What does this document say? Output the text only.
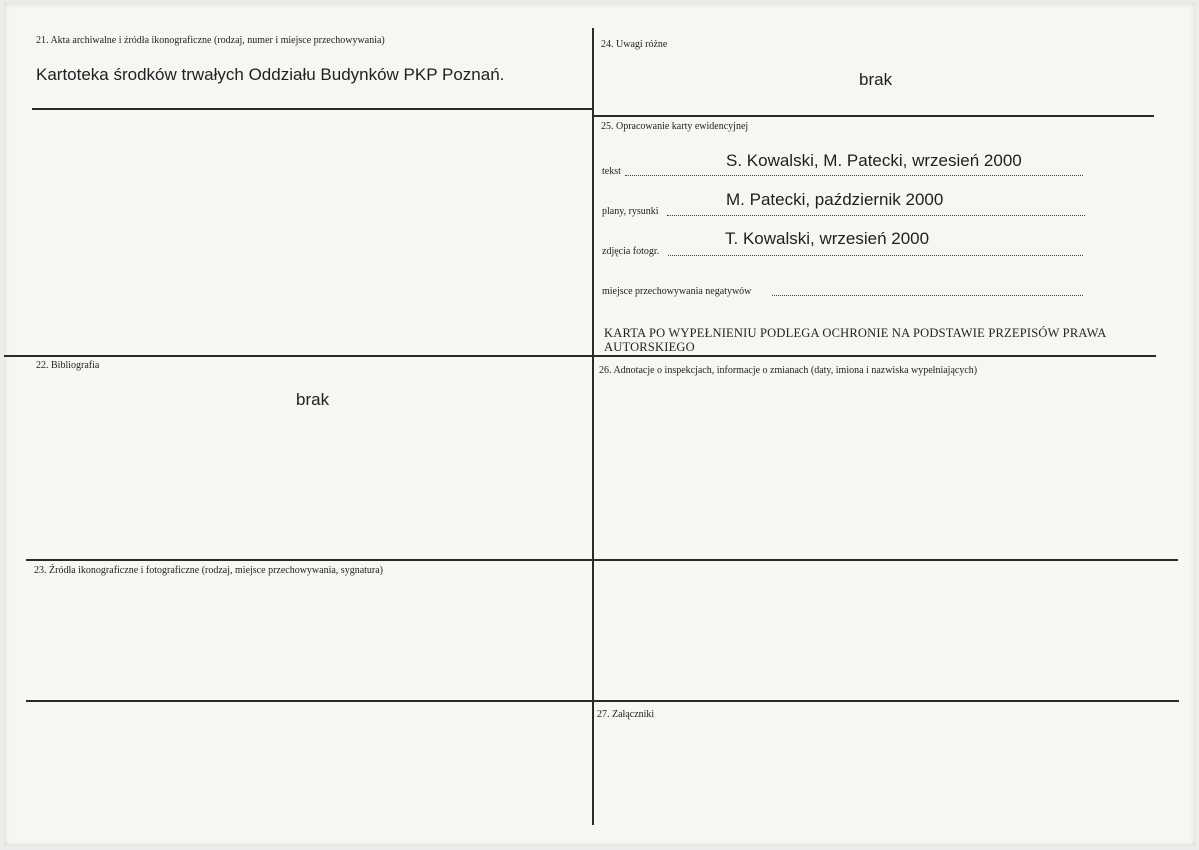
21. Akta archiwalne i źródła ikonograficzne (rodzaj, numer i miejsce przechowywania)
Kartoteka środków trwałych Oddziału Budynków PKP Poznań.
24. Uwagi różne
brak
25. Opracowanie karty ewidencyjnej
tekst
S. Kowalski, M. Patecki, wrzesień 2000
plany, rysunki
M. Patecki, październik 2000
zdjęcia fotogr.
T. Kowalski, wrzesień 2000
miejsce przechowywania negatywów
KARTA PO WYPEŁNIENIU PODLEGA OCHRONIE NA PODSTAWIE PRZEPISÓW PRAWA AUTORSKIEGO
22. Bibliografia
brak
26. Adnotacje o inspekcjach, informacje o zmianach (daty, imiona i nazwiska wypełniających)
23. Źródła ikonograficzne i fotograficzne (rodzaj, miejsce przechowywania, sygnatura)
27. Załączniki
